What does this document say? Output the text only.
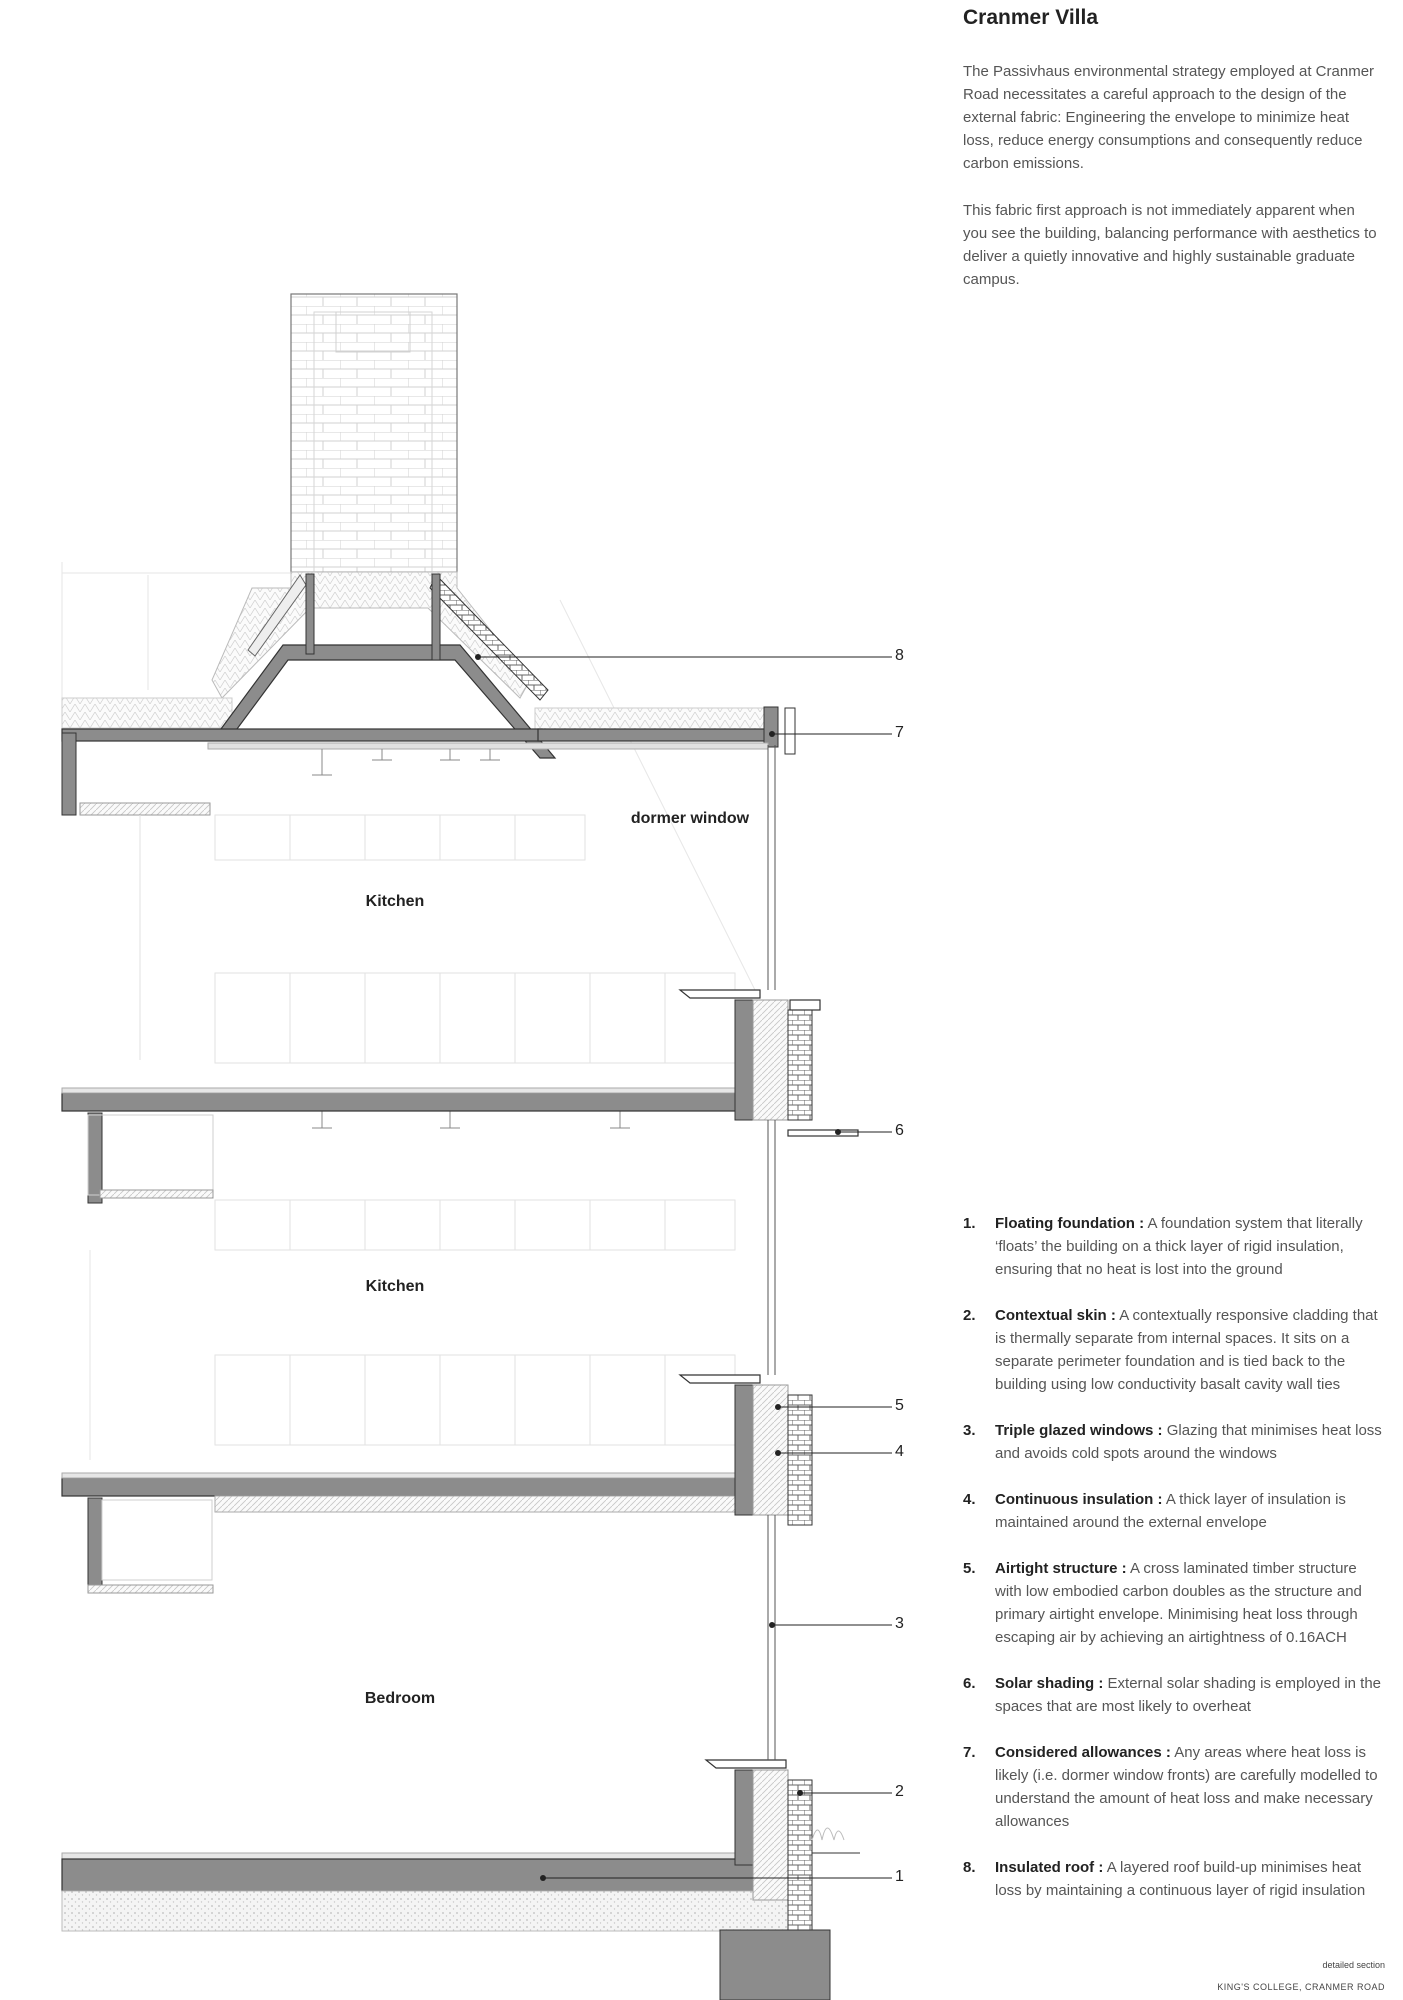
Cranmer Villa
The Passivhaus environmental strategy employed at Cranmer Road necessitates a careful approach to the design of the external fabric: Engineering the envelope to minimize heat loss, reduce energy consumptions and consequently reduce carbon emissions.
This fabric first approach is not immediately apparent when you see the building, balancing performance with aesthetics to deliver a quietly innovative and highly sustainable graduate campus.
dormer window
Kitchen
Kitchen
Bedroom
1
2
3
4
5
6
7
8
1. Floating foundation : A foundation system that literally ‘floats’ the building on a thick layer of rigid insulation, ensuring that no heat is lost into the ground
2. Contextual skin : A contextually responsive cladding that is thermally separate from internal spaces. It sits on a separate perimeter foundation and is tied back to the building using low conductivity basalt cavity wall ties
3. Triple glazed windows : Glazing that minimises heat loss and avoids cold spots around the windows
4. Continuous insulation : A thick layer of insulation is maintained around the external envelope
5. Airtight structure : A cross laminated timber structure with low embodied carbon doubles as the structure and primary airtight envelope. Minimising heat loss through escaping air by achieving an airtightness of 0.16ACH
6. Solar shading : External solar shading is employed in the spaces that are most likely to overheat
7. Considered allowances : Any areas where heat loss is likely (i.e. dormer window fronts) are carefully modelled to understand the amount of heat loss and make necessary allowances
8. Insulated roof : A layered roof build-up minimises heat loss by maintaining a continuous layer of rigid insulation
detailed section
KING'S COLLEGE, CRANMER ROAD
